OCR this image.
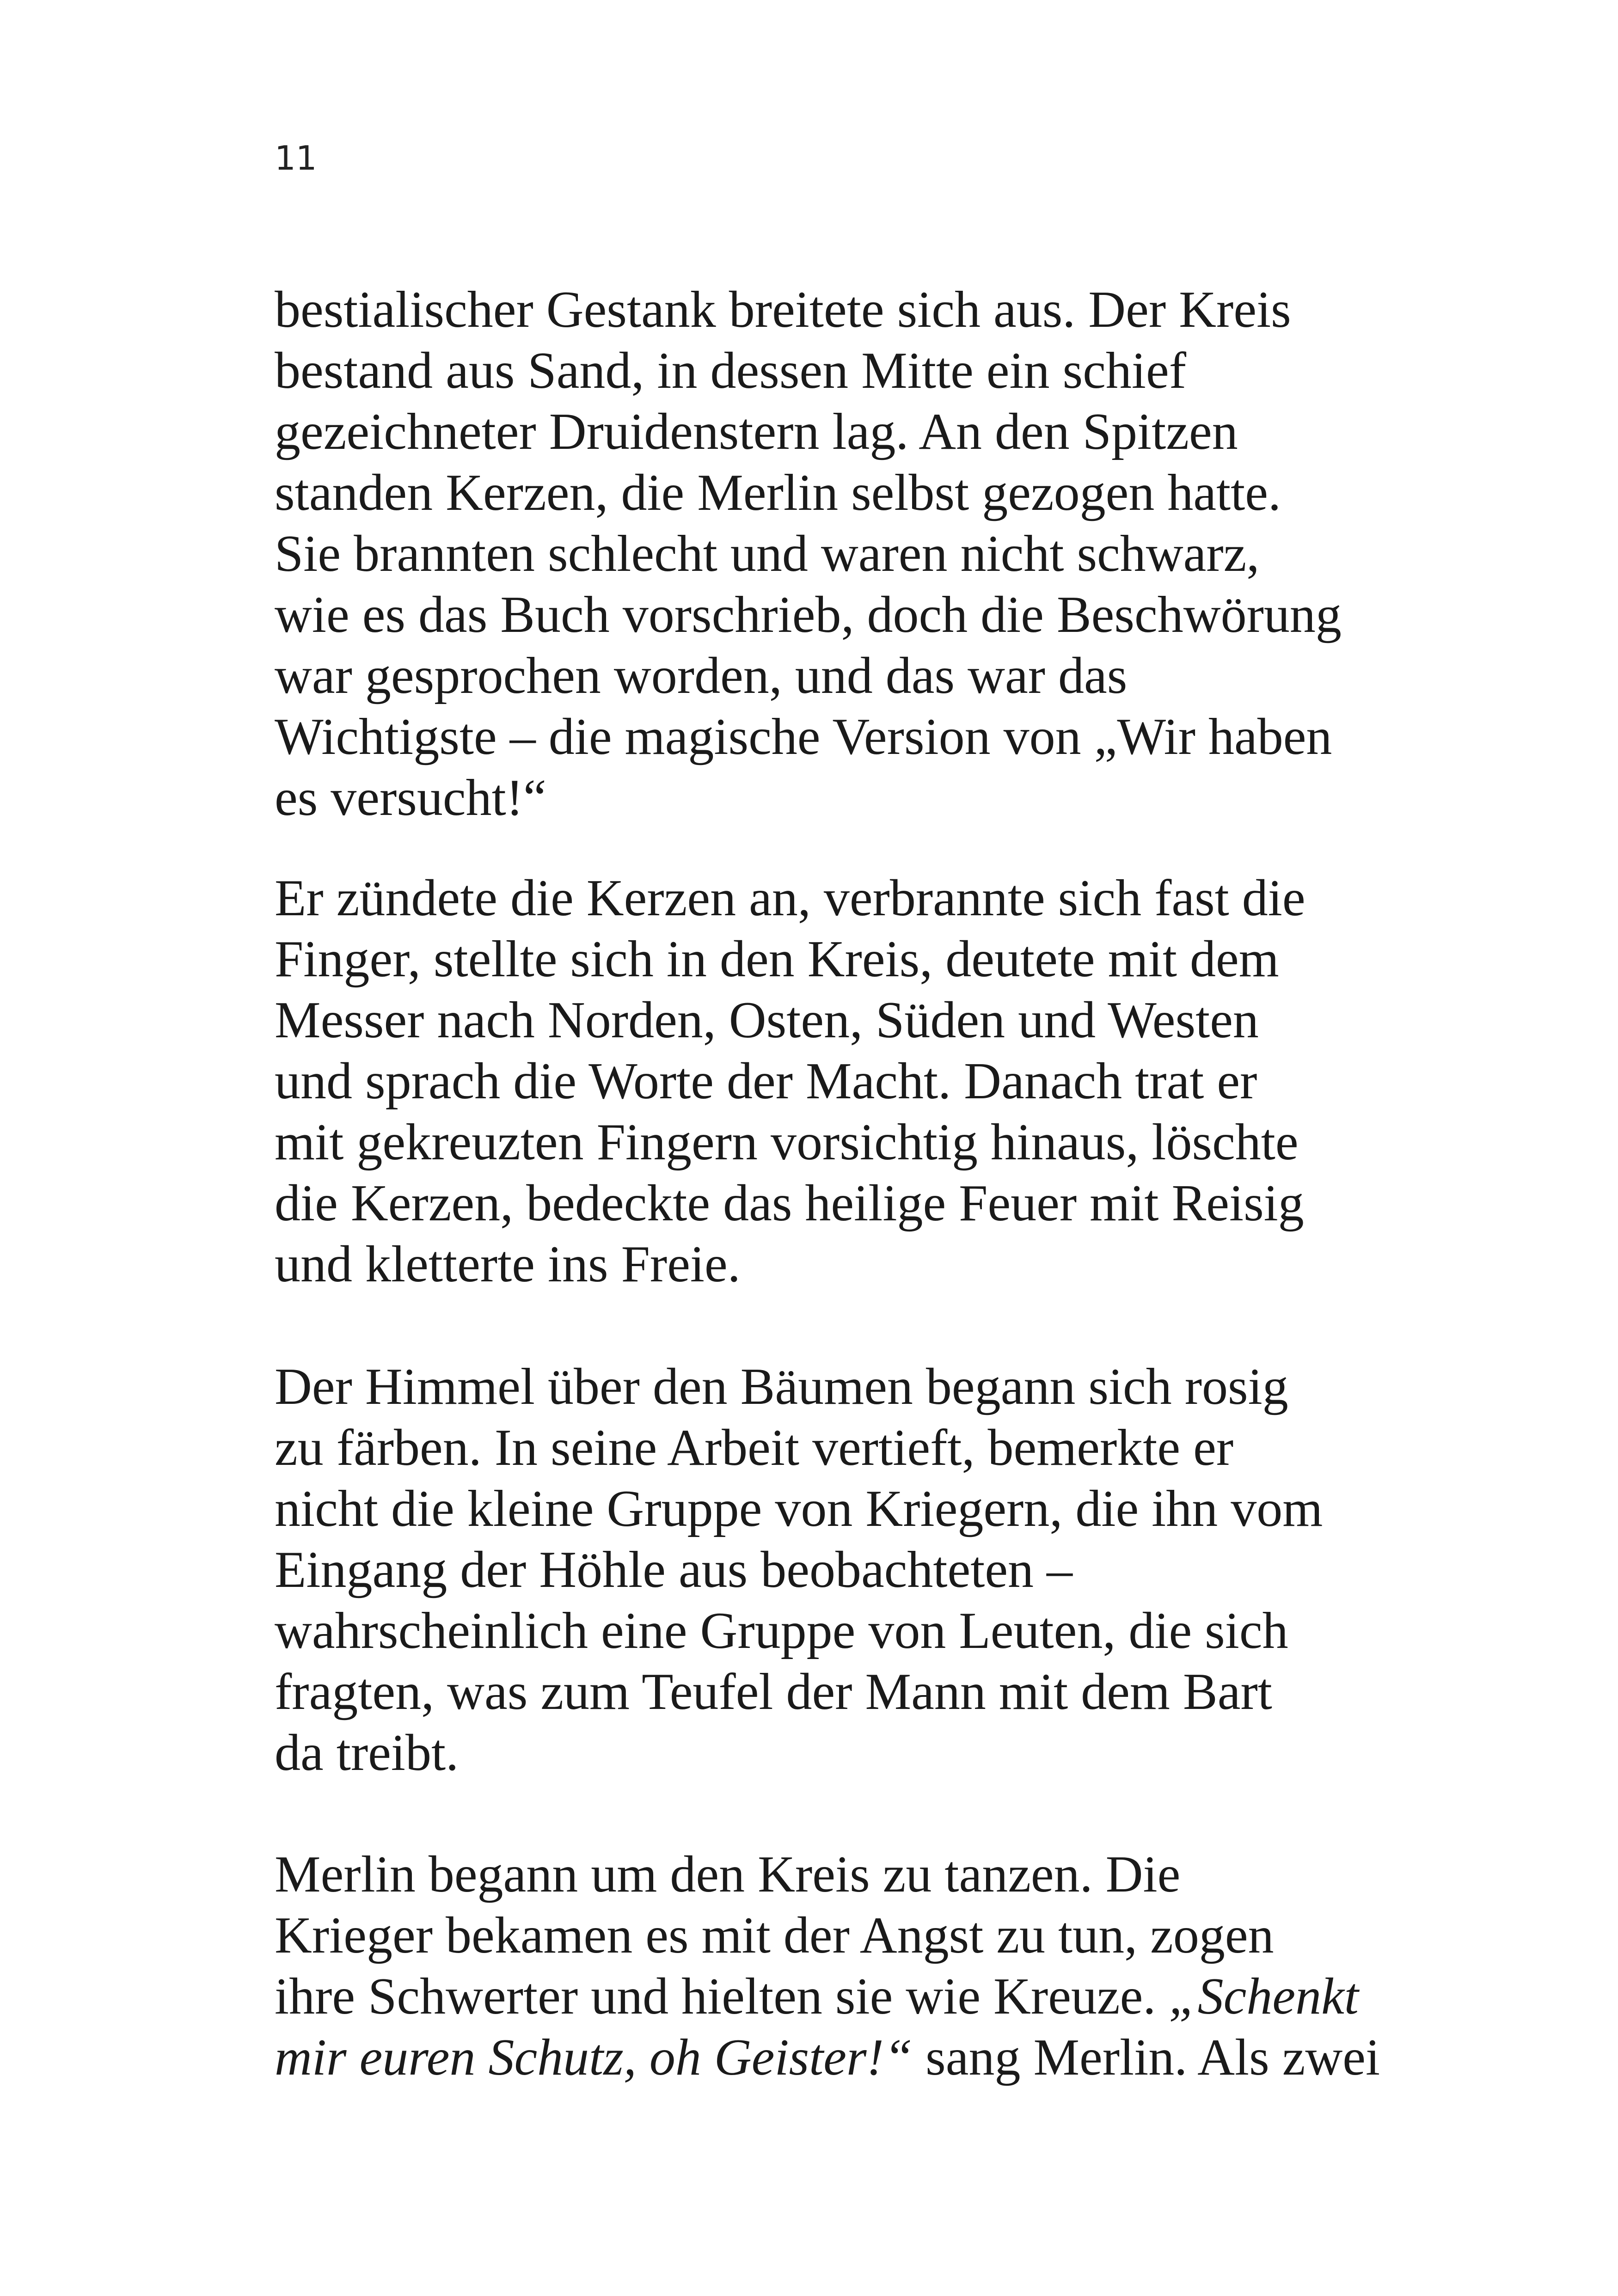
11
bestialischer Gestank breitete sich aus. Der Kreis
bestand aus Sand, in dessen Mitte ein schief
gezeichneter Druidenstern lag. An den Spitzen
standen Kerzen, die Merlin selbst gezogen hatte.
Sie brannten schlecht und waren nicht schwarz,
wie es das Buch vorschrieb, doch die Beschwörung
war gesprochen worden, und das war das
Wichtigste – die magische Version von „Wir haben
es versucht!“
Er zündete die Kerzen an, verbrannte sich fast die
Finger, stellte sich in den Kreis, deutete mit dem
Messer nach Norden, Osten, Süden und Westen
und sprach die Worte der Macht. Danach trat er
mit gekreuzten Fingern vorsichtig hinaus, löschte
die Kerzen, bedeckte das heilige Feuer mit Reisig
und kletterte ins Freie.
Der Himmel über den Bäumen begann sich rosig
zu färben. In seine Arbeit vertieft, bemerkte er
nicht die kleine Gruppe von Kriegern, die ihn vom
Eingang der Höhle aus beobachteten –
wahrscheinlich eine Gruppe von Leuten, die sich
fragten, was zum Teufel der Mann mit dem Bart
da treibt.
Merlin begann um den Kreis zu tanzen. Die
Krieger bekamen es mit der Angst zu tun, zogen
ihre Schwerter und hielten sie wie Kreuze. „Schenkt
mir euren Schutz, oh Geister!“ sang Merlin. Als zwei
